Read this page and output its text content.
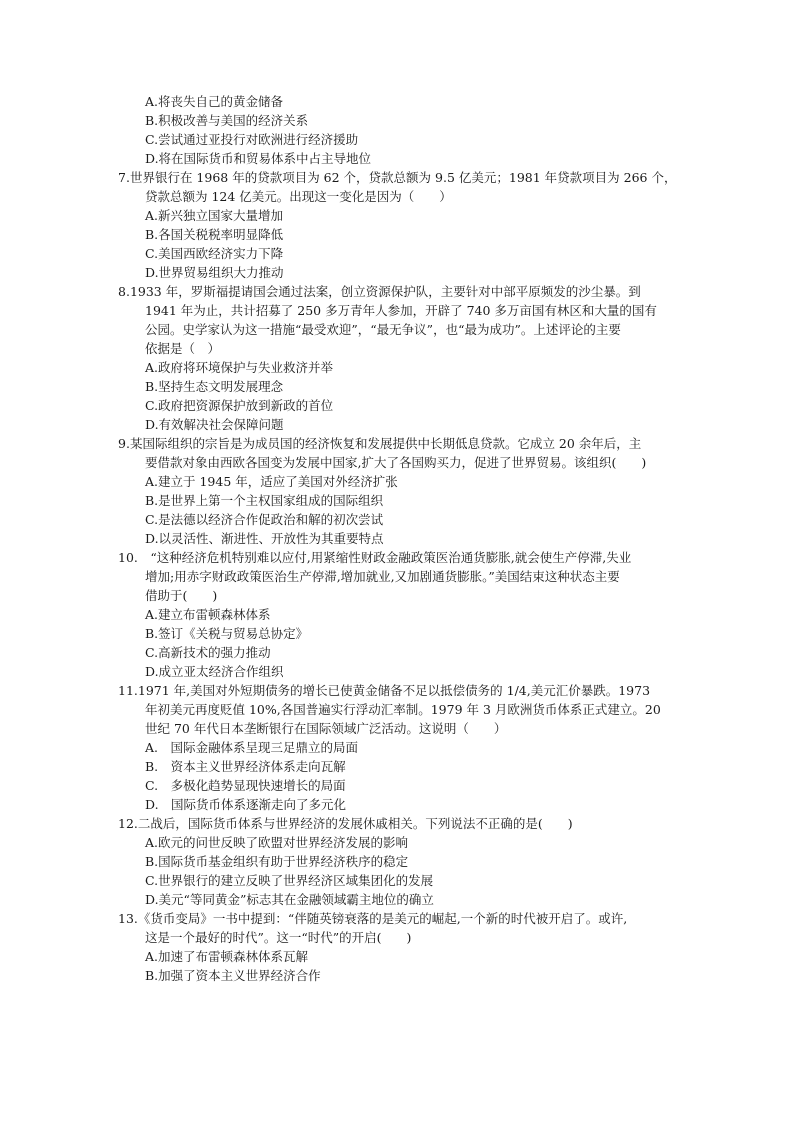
A.将丧失自己的黄金储备
B.积极改善与美国的经济关系
C.尝试通过亚投行对欧洲进行经济援助
D.将在国际货币和贸易体系中占主导地位
7.世界银行在 1968 年的贷款项目为 62 个，贷款总额为 9.5 亿美元；1981 年贷款项目为 266 个，
贷款总额为 124 亿美元。出现这一变化是因为（　　）
A.新兴独立国家大量增加
B.各国关税税率明显降低
C.美国西欧经济实力下降
D.世界贸易组织大力推动
8.1933 年，罗斯福提请国会通过法案，创立资源保护队，主要针对中部平原频发的沙尘暴。到
1941 年为止，共计招募了 250 多万青年人参加，开辟了 740 多万亩国有林区和大量的国有
公园。史学家认为这一措施“最受欢迎”，“最无争议”，也“最为成功”。上述评论的主要
依据是（　）
A.政府将环境保护与失业救济并举
B.坚持生态文明发展理念
C.政府把资源保护放到新政的首位
D.有效解决社会保障问题
9.某国际组织的宗旨是为成员国的经济恢复和发展提供中长期低息贷款。它成立 20 余年后，主
要借款对象由西欧各国变为发展中国家,扩大了各国购买力，促进了世界贸易。该组织(　　)
A.建立于 1945 年，适应了美国对外经济扩张
B.是世界上第一个主权国家组成的国际组织
C.是法德以经济合作促政治和解的初次尝试
D.以灵活性、渐进性、开放性为其重要特点
10.　“这种经济危机特别难以应付,用紧缩性财政金融政策医治通货膨胀,就会使生产停滞,失业
增加;用赤字财政政策医治生产停滞,增加就业,又加剧通货膨胀。”美国结束这种状态主要
借助于(　　)
A.建立布雷顿森林体系
B.签订《关税与贸易总协定》
C.高新技术的强力推动
D.成立亚太经济合作组织
11.1971 年,美国对外短期债务的增长已使黄金储备不足以抵偿债务的 1/4,美元汇价暴跌。1973
年初美元再度贬值 10%,各国普遍实行浮动汇率制。1979 年 3 月欧洲货币体系正式建立。20
世纪 70 年代日本垄断银行在国际领域广泛活动。这说明（　　）
A.　国际金融体系呈现三足鼎立的局面
B.　资本主义世界经济体系走向瓦解
C.　多极化趋势显现快速增长的局面
D.　国际货币体系逐渐走向了多元化
12.二战后，国际货币体系与世界经济的发展休戚相关。下列说法不正确的是(　　)
A.欧元的问世反映了欧盟对世界经济发展的影响
B.国际货币基金组织有助于世界经济秩序的稳定
C.世界银行的建立反映了世界经济区域集团化的发展
D.美元“等同黄金”标志其在金融领域霸主地位的确立
13.《货币变局》一书中提到：“伴随英镑衰落的是美元的崛起,一个新的时代被开启了。或许,
这是一个最好的时代”。这一“时代”的开启(　　)
A.加速了布雷顿森林体系瓦解
B.加强了资本主义世界经济合作
